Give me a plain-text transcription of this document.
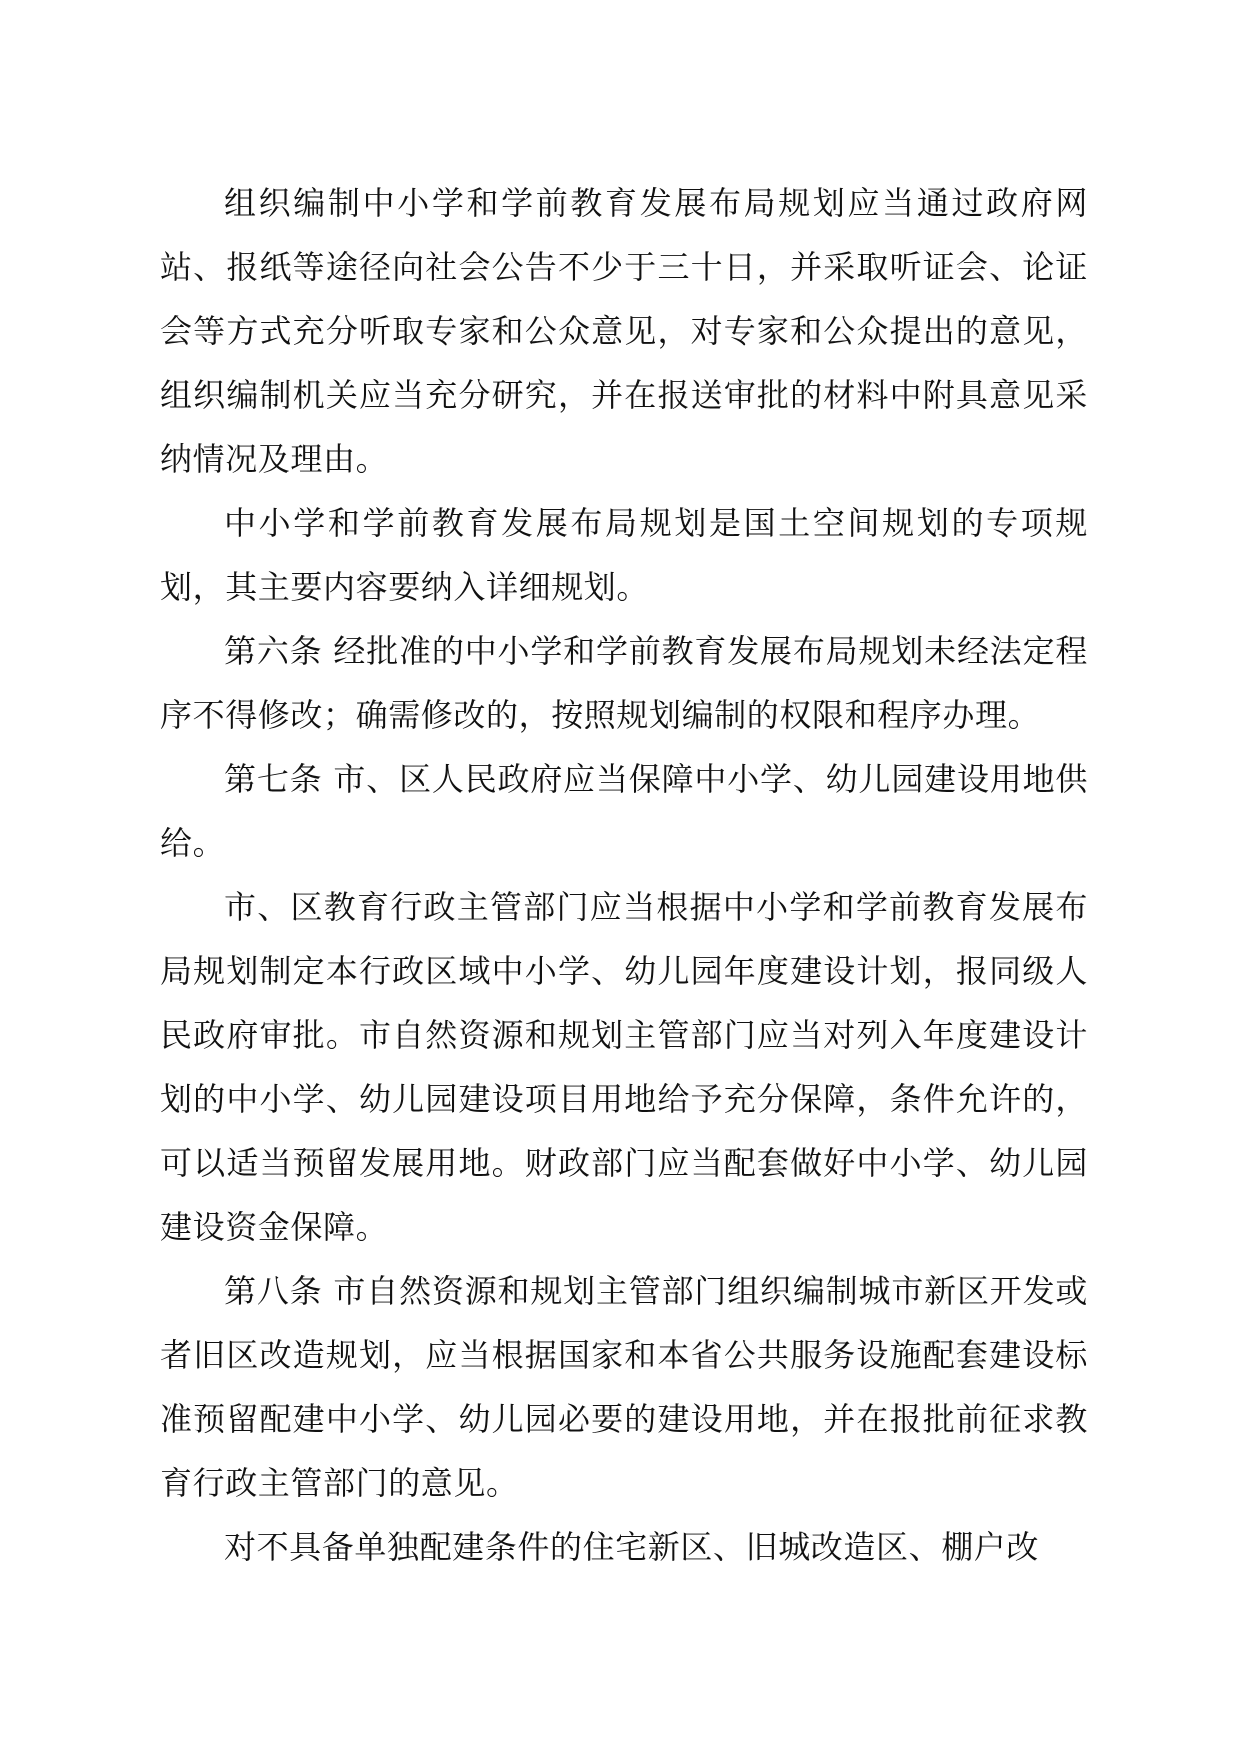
组织编制中小学和学前教育发展布局规划应当通过政府网站、报纸等途径向社会公告不少于三十日，并采取听证会、论证会等方式充分听取专家和公众意见，对专家和公众提出的意见，组织编制机关应当充分研究，并在报送审批的材料中附具意见采纳情况及理由。

中小学和学前教育发展布局规划是国土空间规划的专项规划，其主要内容要纳入详细规划。

第六条 经批准的中小学和学前教育发展布局规划未经法定程序不得修改；确需修改的，按照规划编制的权限和程序办理。

第七条 市、区人民政府应当保障中小学、幼儿园建设用地供给。

市、区教育行政主管部门应当根据中小学和学前教育发展布局规划制定本行政区域中小学、幼儿园年度建设计划，报同级人民政府审批。市自然资源和规划主管部门应当对列入年度建设计划的中小学、幼儿园建设项目用地给予充分保障，条件允许的，可以适当预留发展用地。财政部门应当配套做好中小学、幼儿园建设资金保障。

第八条 市自然资源和规划主管部门组织编制城市新区开发或者旧区改造规划，应当根据国家和本省公共服务设施配套建设标准预留配建中小学、幼儿园必要的建设用地，并在报批前征求教育行政主管部门的意见。

对不具备单独配建条件的住宅新区、旧城改造区、棚户改
